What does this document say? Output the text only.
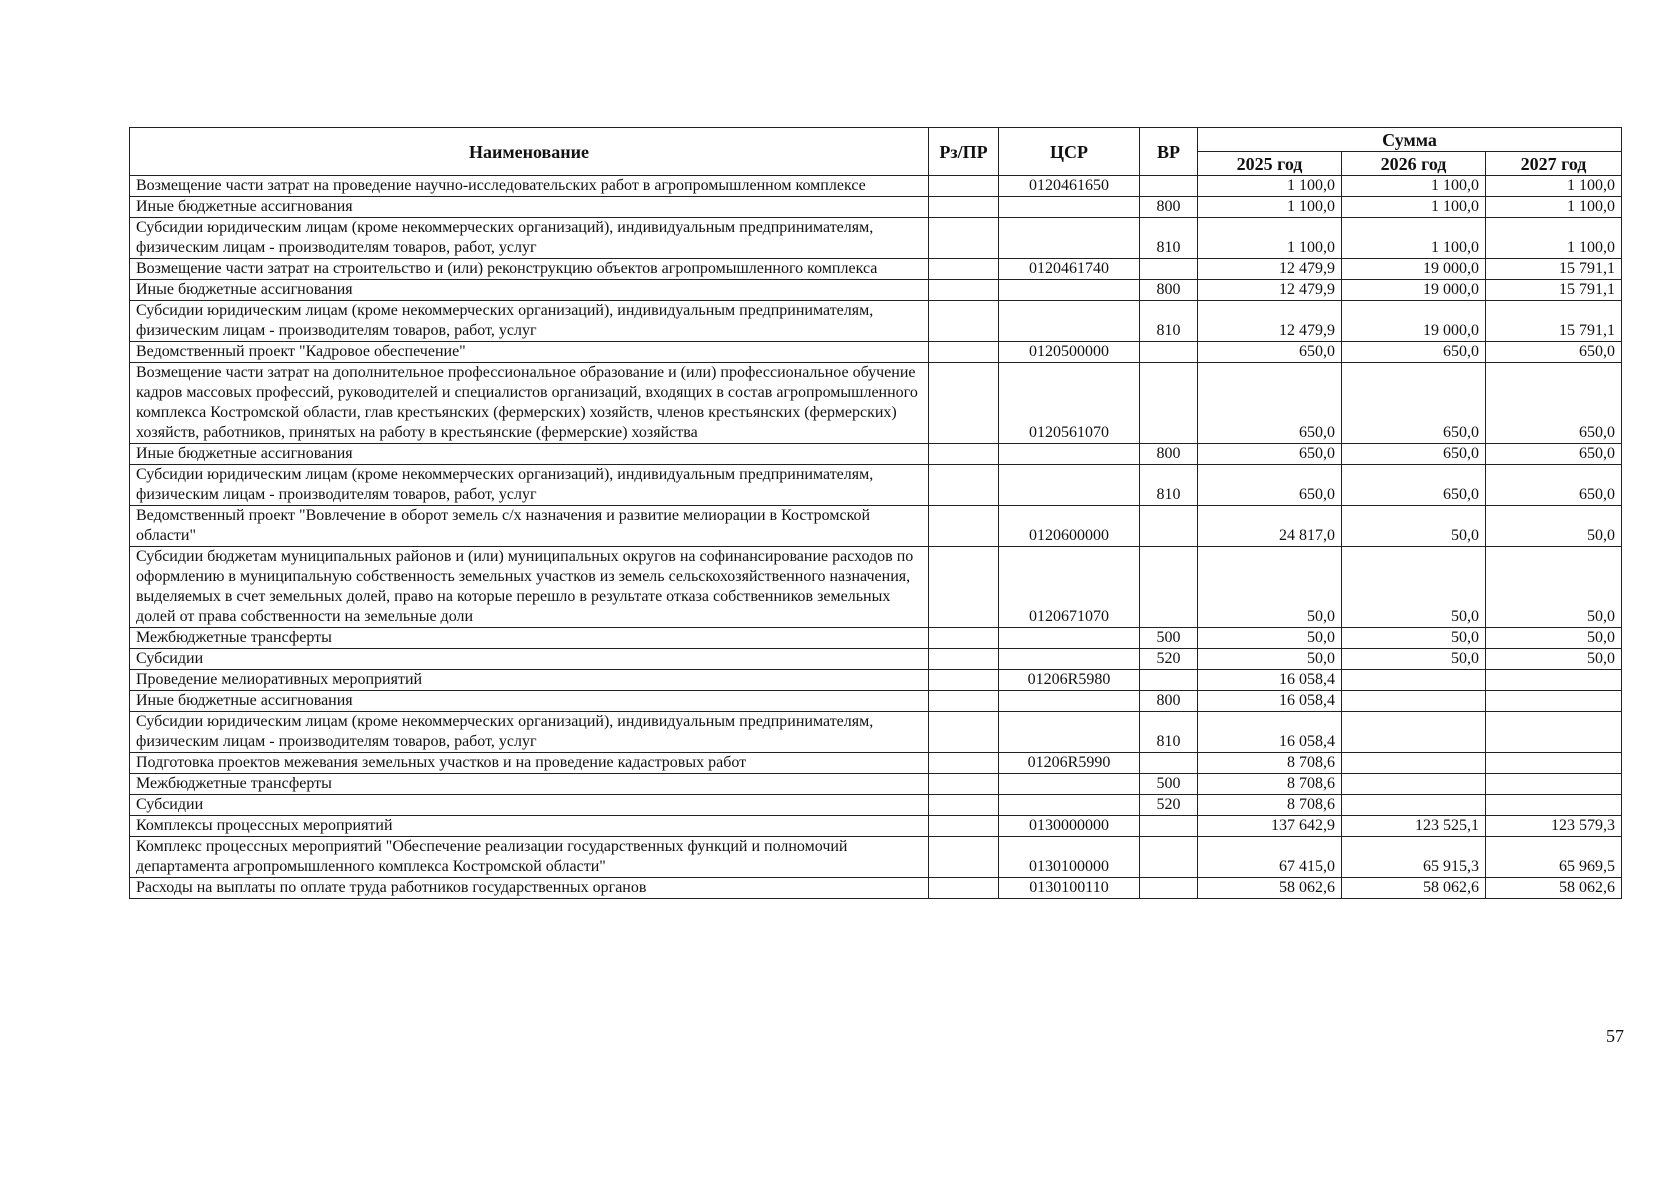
Наименование	Рз/ПР	ЦСР	ВР	Сумма		
				2025 год	2026 год	2027 год
Возмещение части затрат на проведение научно-исследовательских работ в агропромышленном комплексе		0120461650		1 100,0	1 100,0	1 100,0
Иные бюджетные ассигнования			800	1 100,0	1 100,0	1 100,0
Субсидии юридическим лицам (кроме некоммерческих организаций), индивидуальным предпринимателям, физическим лицам - производителям товаров, работ, услуг			810	1 100,0	1 100,0	1 100,0
Возмещение части затрат на строительство и (или) реконструкцию объектов агропромышленного комплекса		0120461740		12 479,9	19 000,0	15 791,1
Иные бюджетные ассигнования			800	12 479,9	19 000,0	15 791,1
Субсидии юридическим лицам (кроме некоммерческих организаций), индивидуальным предпринимателям, физическим лицам - производителям товаров, работ, услуг			810	12 479,9	19 000,0	15 791,1
Ведомственный проект "Кадровое обеспечение"		0120500000		650,0	650,0	650,0
Возмещение части затрат на дополнительное профессиональное образование и (или) профессиональное обучение кадров массовых профессий, руководителей и специалистов организаций, входящих в состав агропромышленного комплекса Костромской области, глав крестьянских (фермерских) хозяйств, членов крестьянских (фермерских) хозяйств, работников, принятых на работу в крестьянские (фермерские) хозяйства		0120561070		650,0	650,0	650,0
Иные бюджетные ассигнования			800	650,0	650,0	650,0
Субсидии юридическим лицам (кроме некоммерческих организаций), индивидуальным предпринимателям, физическим лицам - производителям товаров, работ, услуг			810	650,0	650,0	650,0
Ведомственный проект "Вовлечение в оборот земель с/х назначения и развитие мелиорации в Костромской области"		0120600000		24 817,0	50,0	50,0
Субсидии бюджетам муниципальных районов и (или) муниципальных округов на софинансирование расходов по оформлению в муниципальную собственность земельных участков из земель сельскохозяйственного назначения, выделяемых в счет земельных долей, право на которые перешло в результате отказа собственников земельных долей от права собственности на земельные доли		0120671070		50,0	50,0	50,0
Межбюджетные трансферты			500	50,0	50,0	50,0
Субсидии			520	50,0	50,0	50,0
Проведение мелиоративных мероприятий		01206R5980		16 058,4		
Иные бюджетные ассигнования			800	16 058,4		
Субсидии юридическим лицам (кроме некоммерческих организаций), индивидуальным предпринимателям, физическим лицам - производителям товаров, работ, услуг			810	16 058,4		
Подготовка проектов межевания земельных участков и на проведение кадастровых работ		01206R5990		8 708,6		
Межбюджетные трансферты			500	8 708,6		
Субсидии			520	8 708,6		
Комплексы процессных мероприятий		0130000000		137 642,9	123 525,1	123 579,3
Комплекс процессных мероприятий "Обеспечение реализации государственных функций и полномочий департамента агропромышленного комплекса Костромской области"		0130100000		67 415,0	65 915,3	65 969,5
Расходы на выплаты по оплате труда работников государственных органов		0130100110		58 062,6	58 062,6	58 062,6
57
